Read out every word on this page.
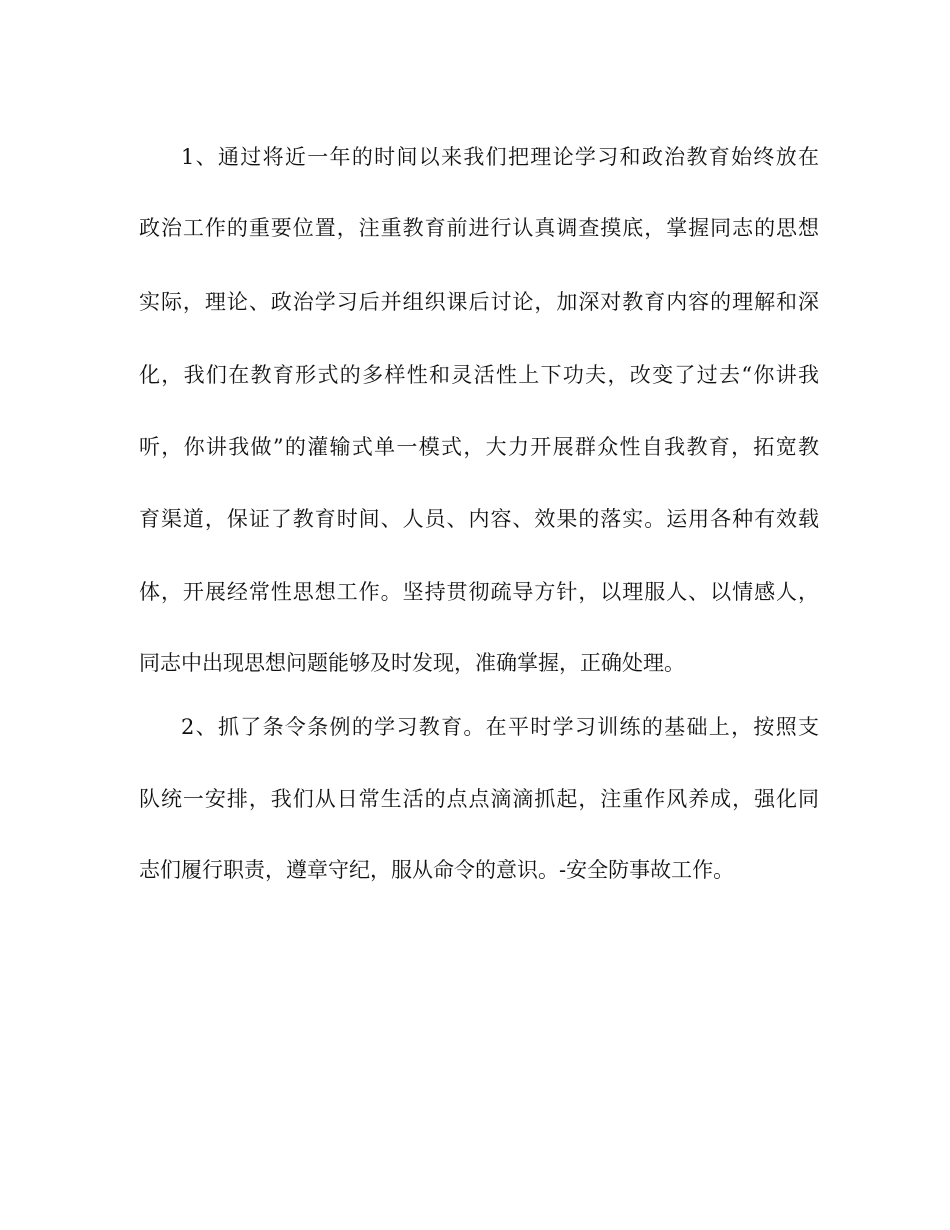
1、通过将近一年的时间以来我们把理论学习和政治教育始终放在
政治工作的重要位置，注重教育前进行认真调查摸底，掌握同志的思想
实际，理论、政治学习后并组织课后讨论，加深对教育内容的理解和深
化，我们在教育形式的多样性和灵活性上下功夫，改变了过去“你讲我
听，你讲我做”的灌输式单一模式，大力开展群众性自我教育，拓宽教
育渠道，保证了教育时间、人员、内容、效果的落实。运用各种有效载
体，开展经常性思想工作。坚持贯彻疏导方针，以理服人、以情感人，
同志中出现思想问题能够及时发现，准确掌握，正确处理。
2、抓了条令条例的学习教育。在平时学习训练的基础上，按照支
队统一安排，我们从日常生活的点点滴滴抓起，注重作风养成，强化同
志们履行职责，遵章守纪，服从命令的意识。-安全防事故工作。
